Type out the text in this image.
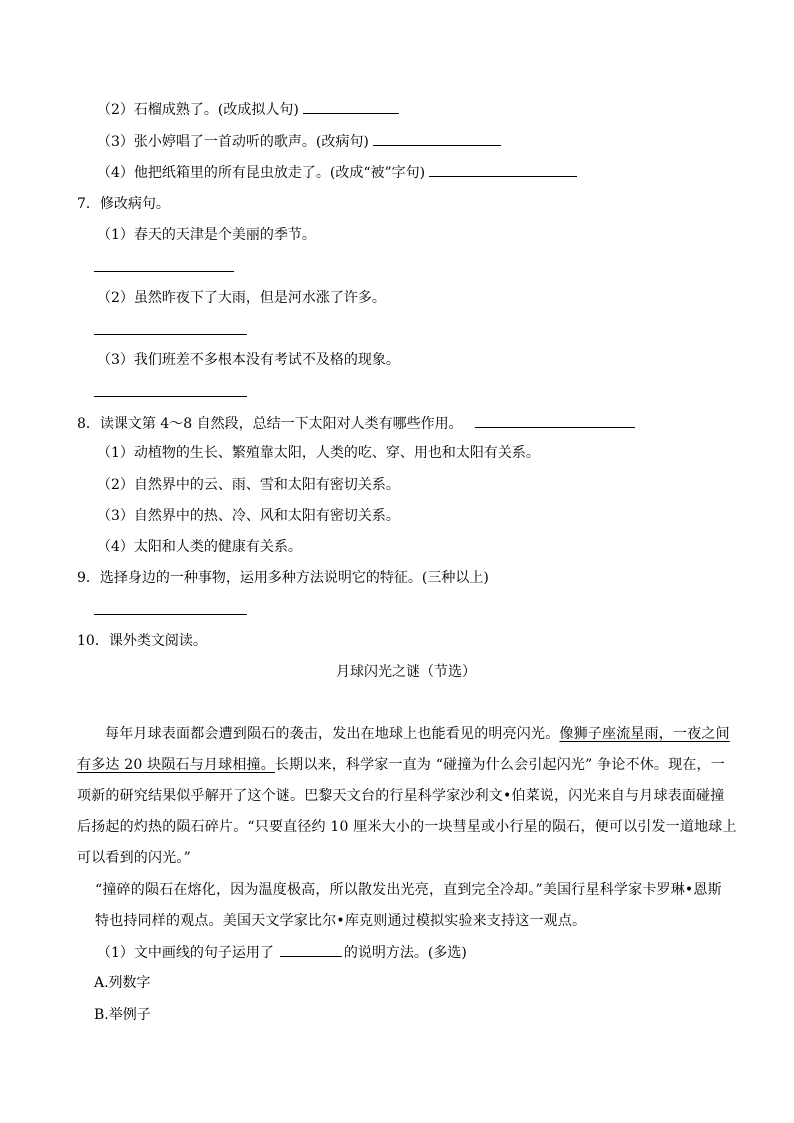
（2）石榴成熟了。(改成拟人句)
（3）张小婷唱了一首动听的歌声。(改病句)
（4）他把纸箱里的所有昆虫放走了。(改成“被”字句)
7．修改病句。
（1）春天的天津是个美丽的季节。
（2）虽然昨夜下了大雨，但是河水涨了许多。
（3）我们班差不多根本没有考试不及格的现象。
8．读课文第 4～8 自然段，总结一下太阳对人类有哪些作用。
（1）动植物的生长、繁殖靠太阳，人类的吃、穿、用也和太阳有关系。
（2）自然界中的云、雨、雪和太阳有密切关系。
（3）自然界中的热、冷、风和太阳有密切关系。
（4）太阳和人类的健康有关系。
9．选择身边的一种事物，运用多种方法说明它的特征。(三种以上)
10．课外类文阅读。
月球闪光之谜（节选）
每年月球表面都会遭到陨石的袭击，发出在地球上也能看见的明亮闪光。像狮子座流星雨，一夜之间
有多达 20 块陨石与月球相撞。长期以来，科学家一直为 “碰撞为什么会引起闪光” 争论不休。现在，一
项新的研究结果似乎解开了这个谜。巴黎天文台的行星科学家沙利文•伯菜说，闪光来自与月球表面碰撞
后扬起的灼热的陨石碎片。“只要直径约 10 厘米大小的一块彗星或小行星的陨石，便可以引发一道地球上
可以看到的闪光。”
“撞碎的陨石在熔化，因为温度极高，所以散发出光亮，直到完全冷却。”美国行星科学家卡罗琳•恩斯
特也持同样的观点。美国天文学家比尔•库克则通过模拟实验来支持这一观点。
（1）文中画线的句子运用了	的说明方法。(多选)
A.列数字
B.举例子
